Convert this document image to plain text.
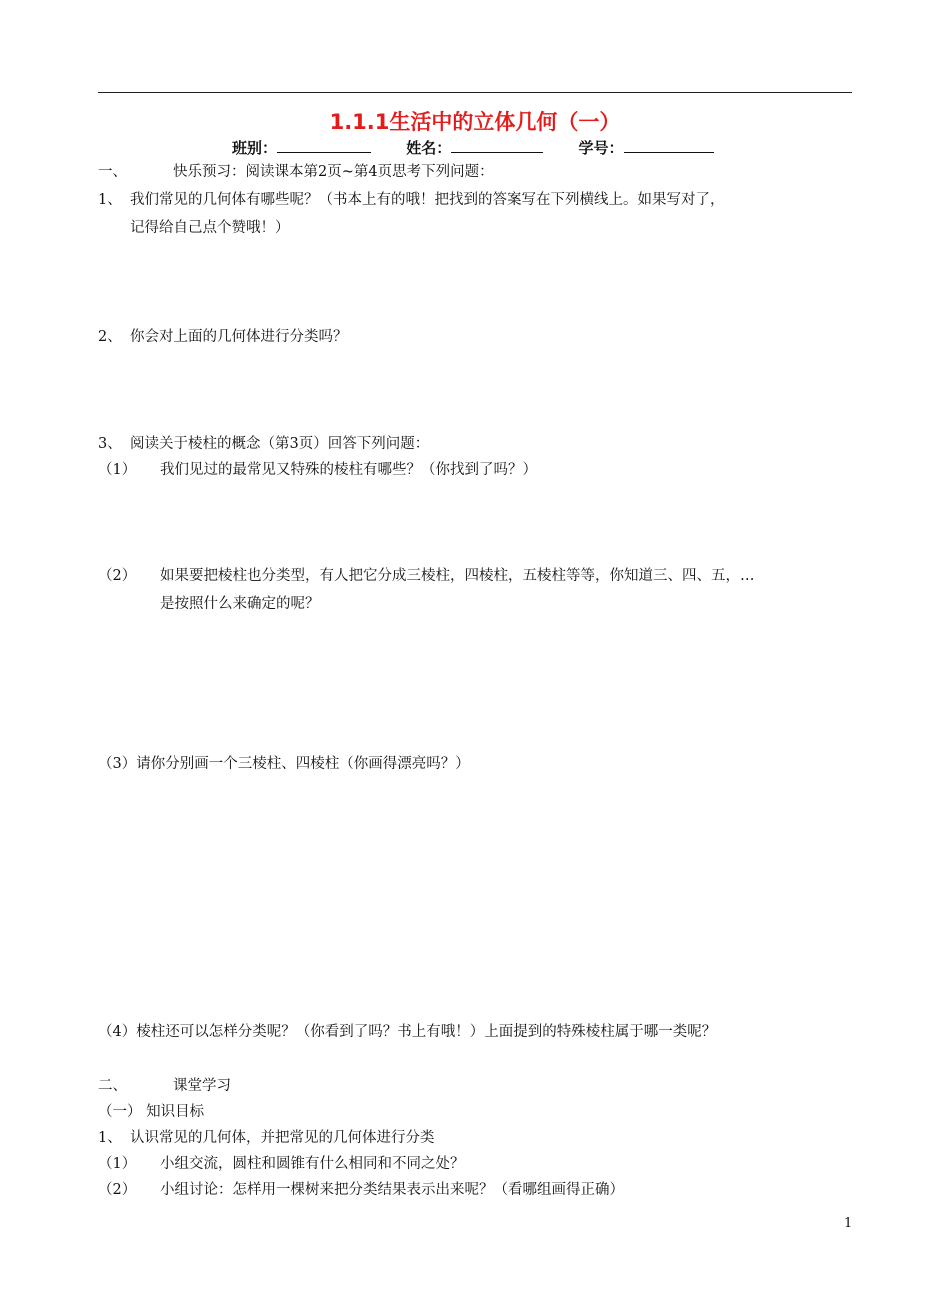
1.1.1生活中的立体几何（一）
班别：	姓名：	学号：
一、	快乐预习：阅读课本第2页~第4页思考下列问题：
1、 我们常见的几何体有哪些呢？（书本上有的哦！把找到的答案写在下列横线上。如果写对了，
记得给自己点个赞哦！）
2、 你会对上面的几何体进行分类吗？
3、 阅读关于棱柱的概念（第3页）回答下列问题：
（1） 我们见过的最常见又特殊的棱柱有哪些？（你找到了吗？）
（2） 如果要把棱柱也分类型，有人把它分成三棱柱，四棱柱，五棱柱等等，你知道三、四、五，…
是按照什么来确定的呢？
（3）请你分别画一个三棱柱、四棱柱（你画得漂亮吗？）
（4）棱柱还可以怎样分类呢？（你看到了吗？书上有哦！）上面提到的特殊棱柱属于哪一类呢？
二、	课堂学习
（一） 知识目标
1、 认识常见的几何体，并把常见的几何体进行分类
（1） 小组交流，圆柱和圆锥有什么相同和不同之处？
（2） 小组讨论：怎样用一棵树来把分类结果表示出来呢？（看哪组画得正确）
1
